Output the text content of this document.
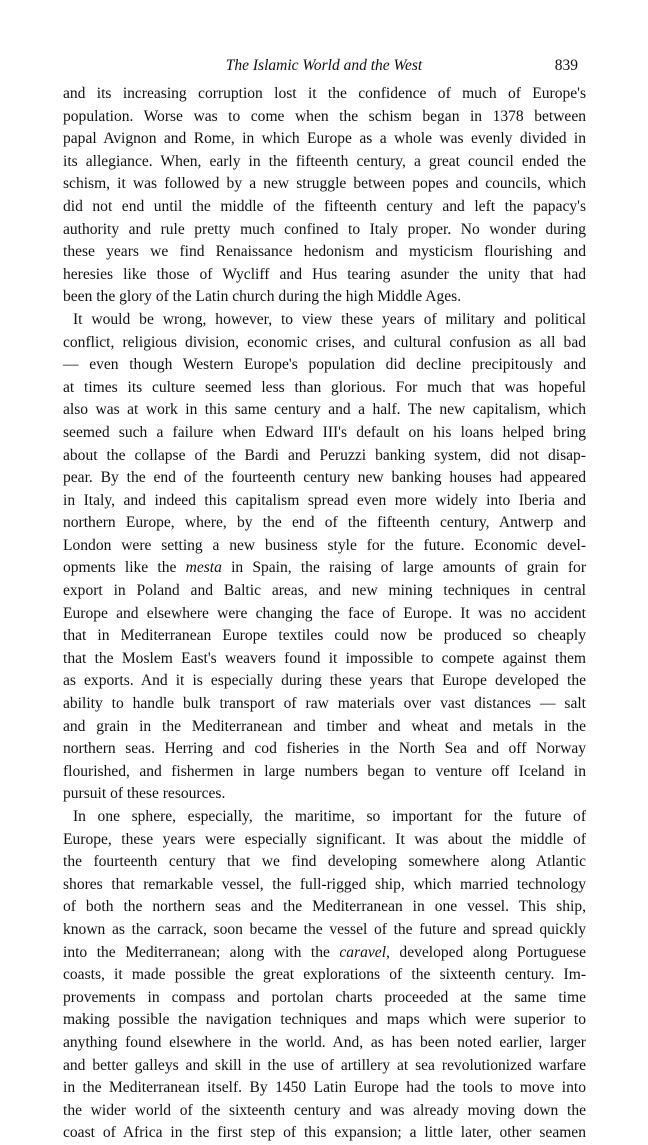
The Islamic World and the West	839
and its increasing corruption lost it the confidence of much of Europe's
population. Worse was to come when the schism began in 1378 between
papal Avignon and Rome, in which Europe as a whole was evenly divided in
its allegiance. When, early in the fifteenth century, a great council ended the
schism, it was followed by a new struggle between popes and councils, which
did not end until the middle of the fifteenth century and left the papacy's
authority and rule pretty much confined to Italy proper. No wonder during
these years we find Renaissance hedonism and mysticism flourishing and
heresies like those of Wycliff and Hus tearing asunder the unity that had
been the glory of the Latin church during the high Middle Ages.
It would be wrong, however, to view these years of military and political
conflict, religious division, economic crises, and cultural confusion as all bad
— even though Western Europe's population did decline precipitously and
at times its culture seemed less than glorious. For much that was hopeful
also was at work in this same century and a half. The new capitalism, which
seemed such a failure when Edward III's default on his loans helped bring
about the collapse of the Bardi and Peruzzi banking system, did not disap-
pear. By the end of the fourteenth century new banking houses had appeared
in Italy, and indeed this capitalism spread even more widely into Iberia and
northern Europe, where, by the end of the fifteenth century, Antwerp and
London were setting a new business style for the future. Economic devel-
opments like the mesta in Spain, the raising of large amounts of grain for
export in Poland and Baltic areas, and new mining techniques in central
Europe and elsewhere were changing the face of Europe. It was no accident
that in Mediterranean Europe textiles could now be produced so cheaply
that the Moslem East's weavers found it impossible to compete against them
as exports. And it is especially during these years that Europe developed the
ability to handle bulk transport of raw materials over vast distances — salt
and grain in the Mediterranean and timber and wheat and metals in the
northern seas. Herring and cod fisheries in the North Sea and off Norway
flourished, and fishermen in large numbers began to venture off Iceland in
pursuit of these resources.
In one sphere, especially, the maritime, so important for the future of
Europe, these years were especially significant. It was about the middle of
the fourteenth century that we find developing somewhere along Atlantic
shores that remarkable vessel, the full-rigged ship, which married technology
of both the northern seas and the Mediterranean in one vessel. This ship,
known as the carrack, soon became the vessel of the future and spread quickly
into the Mediterranean; along with the caravel, developed along Portuguese
coasts, it made possible the great explorations of the sixteenth century. Im-
provements in compass and portolan charts proceeded at the same time
making possible the navigation techniques and maps which were superior to
anything found elsewhere in the world. And, as has been noted earlier, larger
and better galleys and skill in the use of artillery at sea revolutionized warfare
in the Mediterranean itself. By 1450 Latin Europe had the tools to move into
the wider world of the sixteenth century and was already moving down the
coast of Africa in the first step of this expansion; a little later, other seamen
